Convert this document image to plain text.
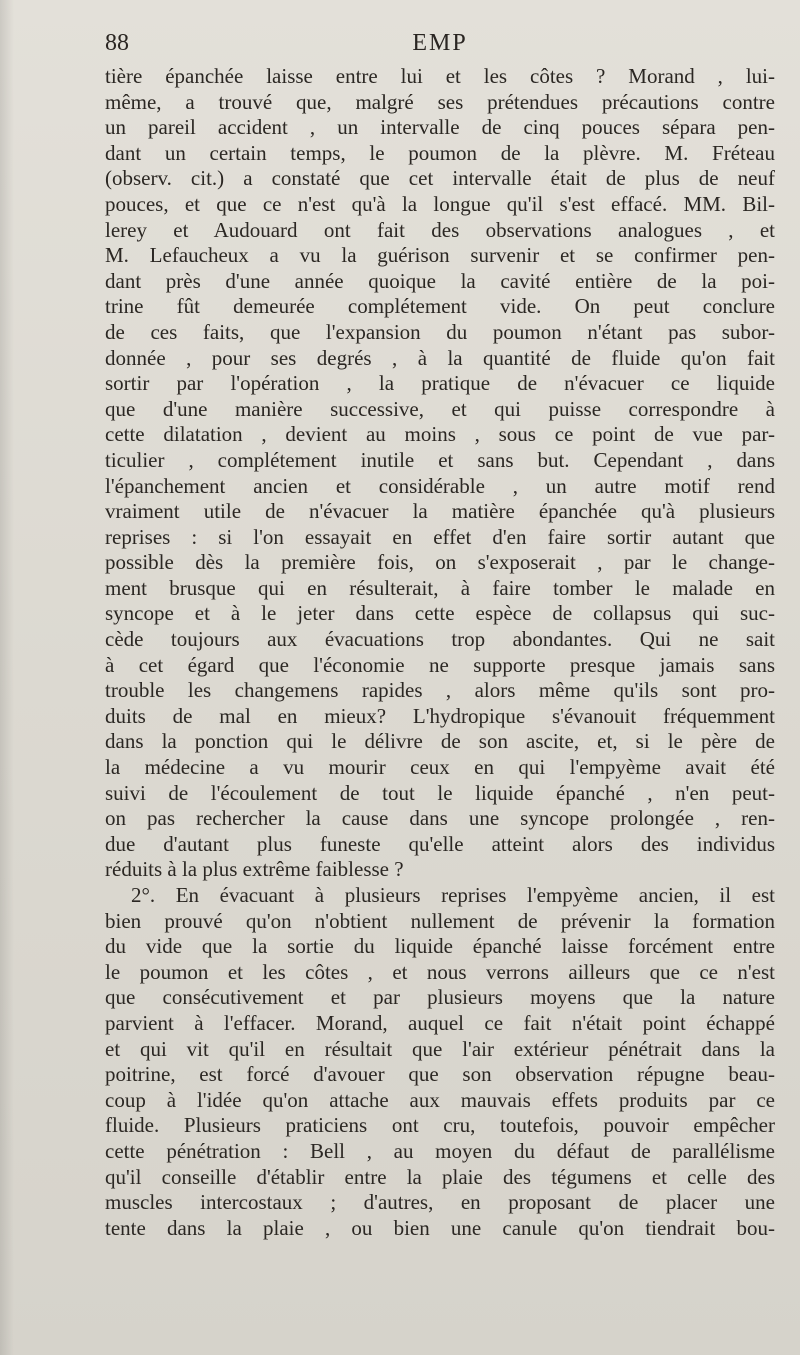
88	EMP
tière épanchée laisse entre lui et les côtes ? Morand , lui-
même, a trouvé que, malgré ses prétendues précautions contre
un pareil accident , un intervalle de cinq pouces sépara pen-
dant un certain temps, le poumon de la plèvre. M. Fréteau
(observ. cit.) a constaté que cet intervalle était de plus de neuf
pouces, et que ce n'est qu'à la longue qu'il s'est effacé. MM. Bil-
lerey et Audouard ont fait des observations analogues , et
M. Lefaucheux a vu la guérison survenir et se confirmer pen-
dant près d'une année quoique la cavité entière de la poi-
trine fût demeurée complétement vide. On peut conclure
de ces faits, que l'expansion du poumon n'étant pas subor-
donnée , pour ses degrés , à la quantité de fluide qu'on fait
sortir par l'opération , la pratique de n'évacuer ce liquide
que d'une manière successive, et qui puisse correspondre à
cette dilatation , devient au moins , sous ce point de vue par-
ticulier , complétement inutile et sans but. Cependant , dans
l'épanchement ancien et considérable , un autre motif rend
vraiment utile de n'évacuer la matière épanchée qu'à plusieurs
reprises : si l'on essayait en effet d'en faire sortir autant que
possible dès la première fois, on s'exposerait , par le change-
ment brusque qui en résulterait, à faire tomber le malade en
syncope et à le jeter dans cette espèce de collapsus qui suc-
cède toujours aux évacuations trop abondantes. Qui ne sait
à cet égard que l'économie ne supporte presque jamais sans
trouble les changemens rapides , alors même qu'ils sont pro-
duits de mal en mieux? L'hydropique s'évanouit fréquemment
dans la ponction qui le délivre de son ascite, et, si le père de
la médecine a vu mourir ceux en qui l'empyème avait été
suivi de l'écoulement de tout le liquide épanché , n'en peut-
on pas rechercher la cause dans une syncope prolongée , ren-
due d'autant plus funeste qu'elle atteint alors des individus
réduits à la plus extrême faiblesse ?
2°. En évacuant à plusieurs reprises l'empyème ancien, il est
bien prouvé qu'on n'obtient nullement de prévenir la formation
du vide que la sortie du liquide épanché laisse forcément entre
le poumon et les côtes , et nous verrons ailleurs que ce n'est
que consécutivement et par plusieurs moyens que la nature
parvient à l'effacer. Morand, auquel ce fait n'était point échappé
et qui vit qu'il en résultait que l'air extérieur pénétrait dans la
poitrine, est forcé d'avouer que son observation répugne beau-
coup à l'idée qu'on attache aux mauvais effets produits par ce
fluide. Plusieurs praticiens ont cru, toutefois, pouvoir empêcher
cette pénétration : Bell , au moyen du défaut de parallélisme
qu'il conseille d'établir entre la plaie des tégumens et celle des
muscles intercostaux ; d'autres, en proposant de placer une
tente dans la plaie , ou bien une canule qu'on tiendrait bou-
